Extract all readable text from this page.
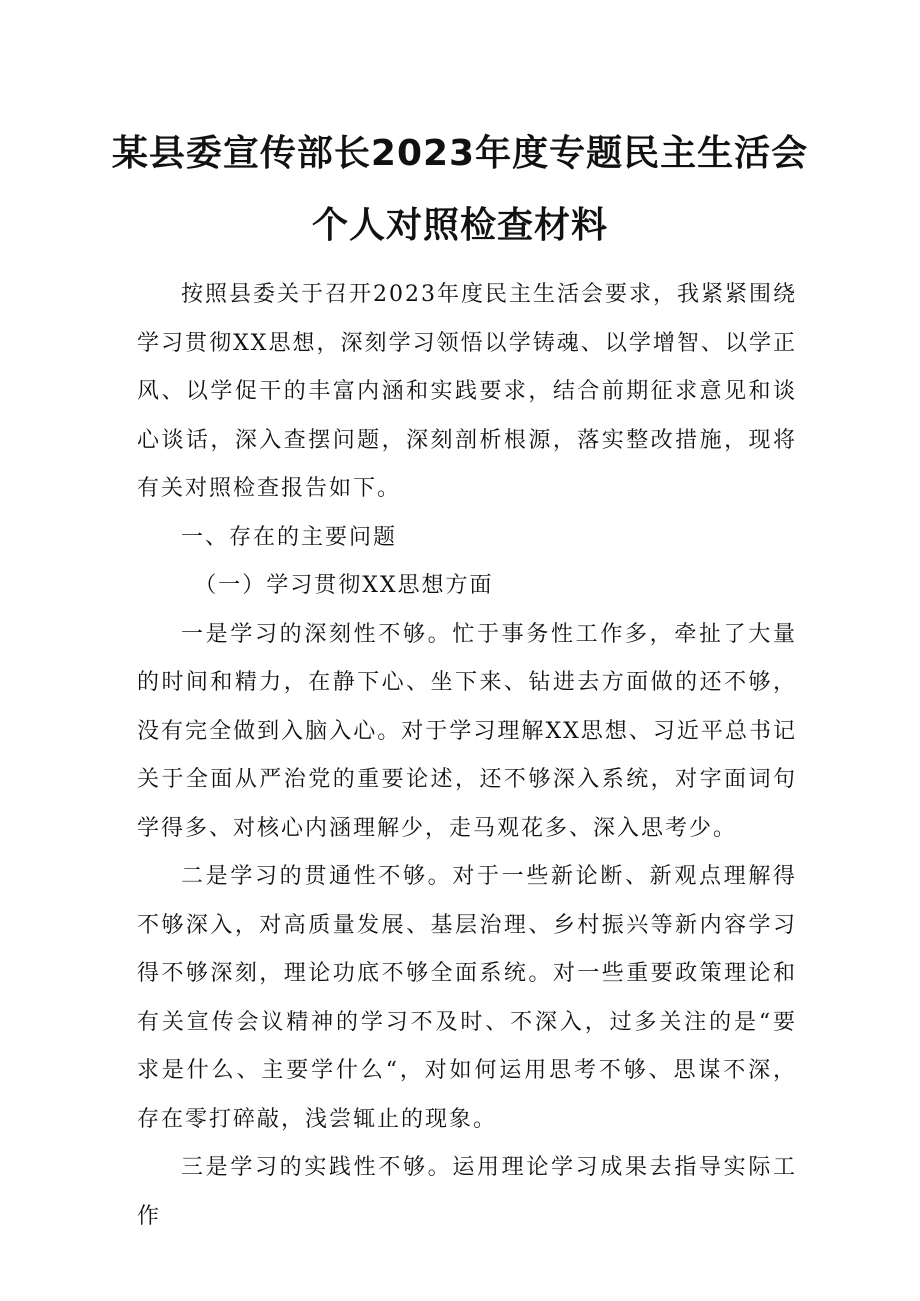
某县委宣传部长2023年度专题民主生活会
个人对照检查材料

按照县委关于召开2023年度民主生活会要求，我紧紧围绕学习贯彻XX思想，深刻学习领悟以学铸魂、以学增智、以学正风、以学促干的丰富内涵和实践要求，结合前期征求意见和谈心谈话，深入查摆问题，深刻剖析根源，落实整改措施，现将有关对照检查报告如下。

一、存在的主要问题

（一）学习贯彻XX思想方面

一是学习的深刻性不够。忙于事务性工作多，牵扯了大量的时间和精力，在静下心、坐下来、钻进去方面做的还不够，没有完全做到入脑入心。对于学习理解XX思想、习近平总书记关于全面从严治党的重要论述，还不够深入系统，对字面词句学得多、对核心内涵理解少，走马观花多、深入思考少。

二是学习的贯通性不够。对于一些新论断、新观点理解得不够深入，对高质量发展、基层治理、乡村振兴等新内容学习得不够深刻，理论功底不够全面系统。对一些重要政策理论和有关宣传会议精神的学习不及时、不深入，过多关注的是“要求是什么、主要学什么“，对如何运用思考不够、思谋不深，存在零打碎敲，浅尝辄止的现象。

三是学习的实践性不够。运用理论学习成果去指导实际工作
